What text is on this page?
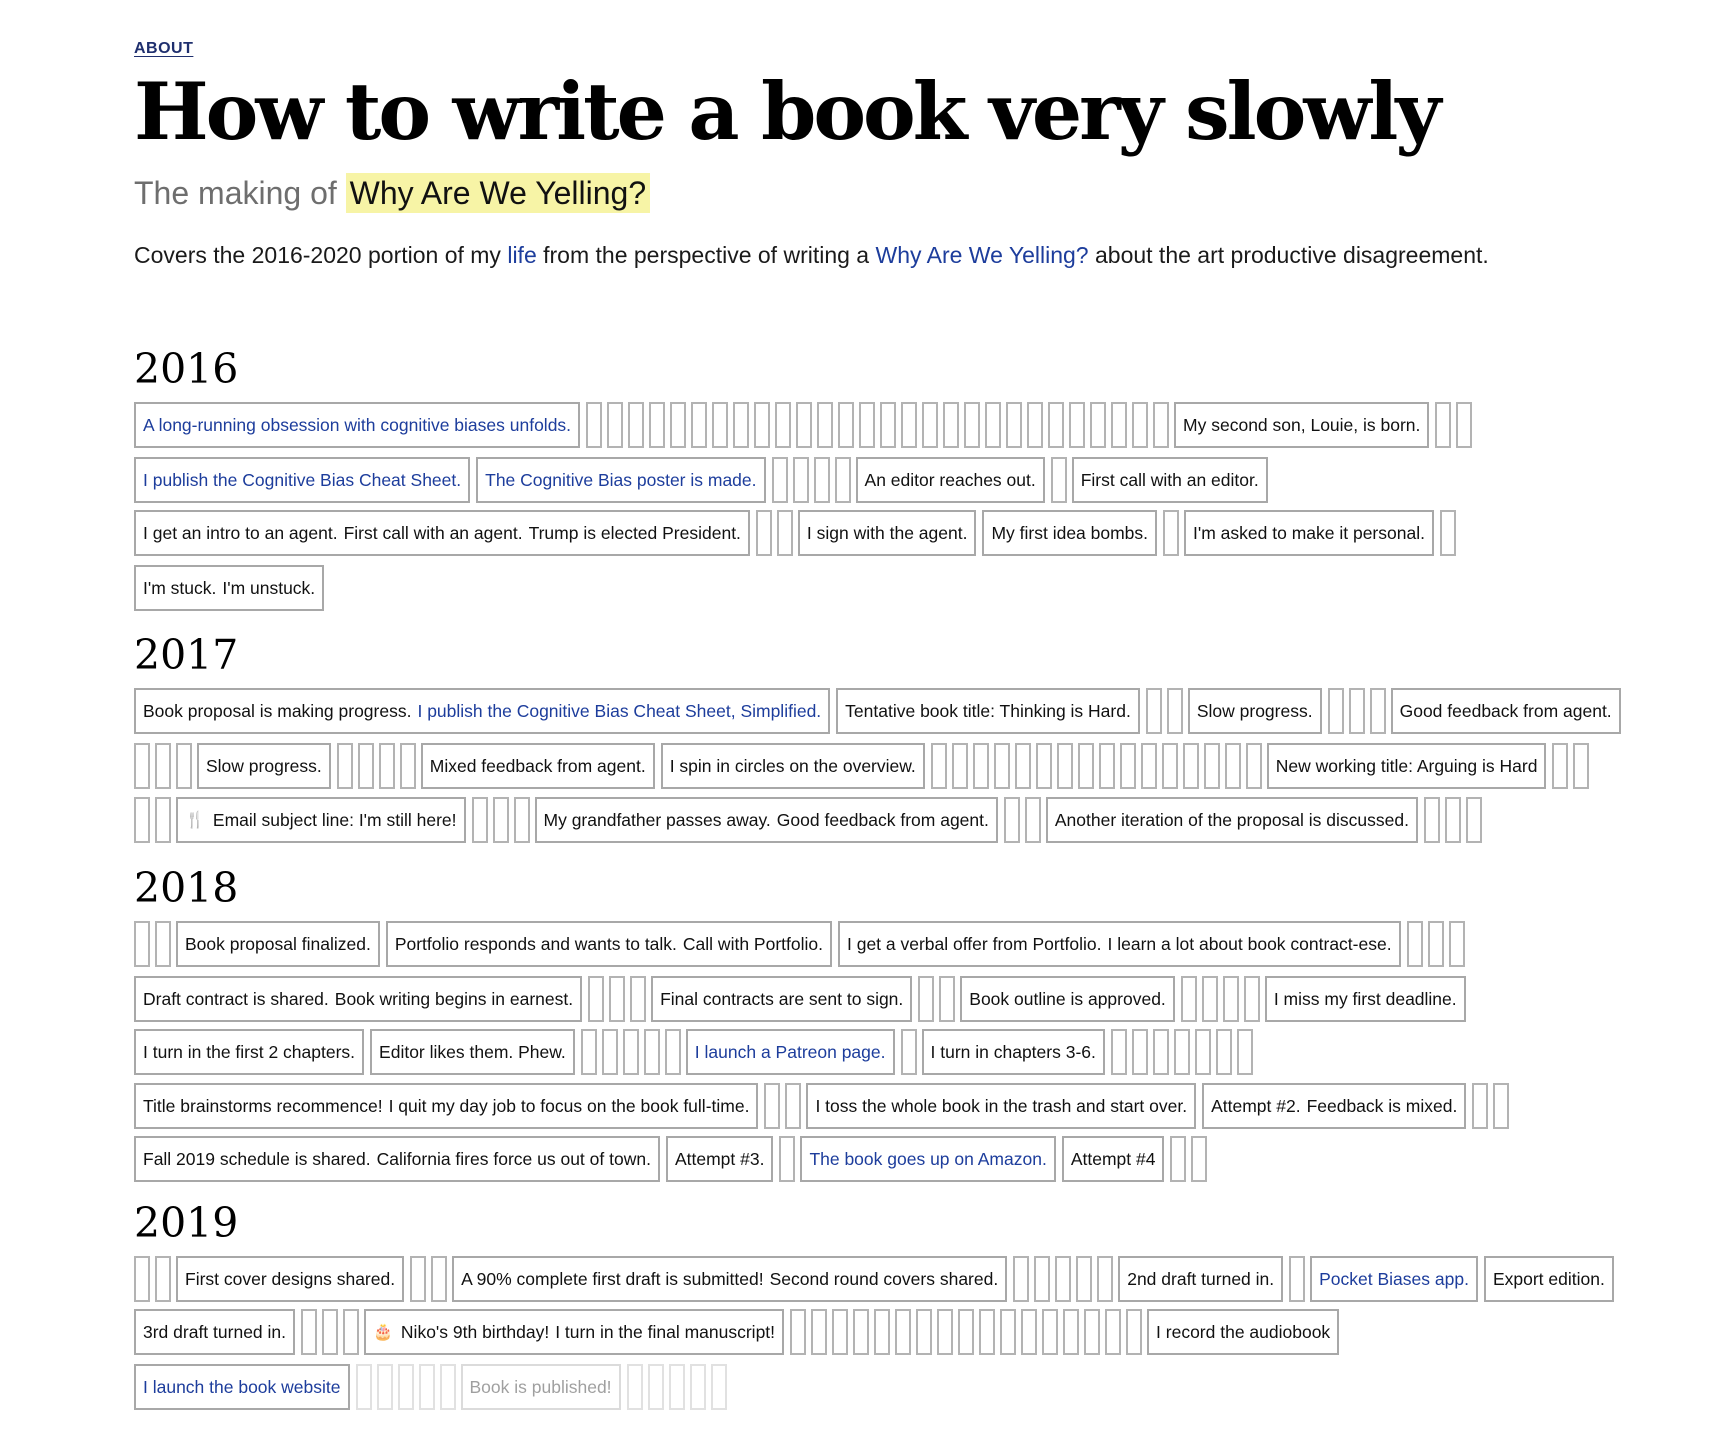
ABOUT
How to write a book very slowly
The making of Why Are We Yelling?
Covers the 2016-2020 portion of my life from the perspective of writing a Why Are We Yelling? about the art productive disagreement.
2016
A long-running obsession with cognitive biases unfolds.	My second son, Louie, is born.
I publish the Cognitive Bias Cheat Sheet. The Cognitive Bias poster is made.	An editor reaches out.	First call with an editor.
I get an intro to an agent. First call with an agent. Trump is elected President.	I sign with the agent. My first idea bombs.	I'm asked to make it personal.
I'm stuck. I'm unstuck.
2017
Book proposal is making progress. I publish the Cognitive Bias Cheat Sheet, Simplified. Tentative book title: Thinking is Hard.	Slow progress.	Good feedback from agent.
Slow progress.	Mixed feedback from agent. I spin in circles on the overview.	New working title: Arguing is Hard
🍴 Email subject line: I'm still here!	My grandfather passes away. Good feedback from agent.	Another iteration of the proposal is discussed.
2018
Book proposal finalized. Portfolio responds and wants to talk. Call with Portfolio. I get a verbal offer from Portfolio. I learn a lot about book contract-ese.
Draft contract is shared. Book writing begins in earnest.	Final contracts are sent to sign.	Book outline is approved.	I miss my first deadline.
I turn in the first 2 chapters. Editor likes them. Phew.	I launch a Patreon page.	I turn in chapters 3-6.
Title brainstorms recommence! I quit my day job to focus on the book full-time.	I toss the whole book in the trash and start over. Attempt #2. Feedback is mixed.
Fall 2019 schedule is shared. California fires force us out of town. Attempt #3.	The book goes up on Amazon. Attempt #4
2019
First cover designs shared.	A 90% complete first draft is submitted! Second round covers shared.	2nd draft turned in.	Pocket Biases app. Export edition.
3rd draft turned in.	🎂 Niko's 9th birthday! I turn in the final manuscript!	I record the audiobook
I launch the book website	Book is published!
